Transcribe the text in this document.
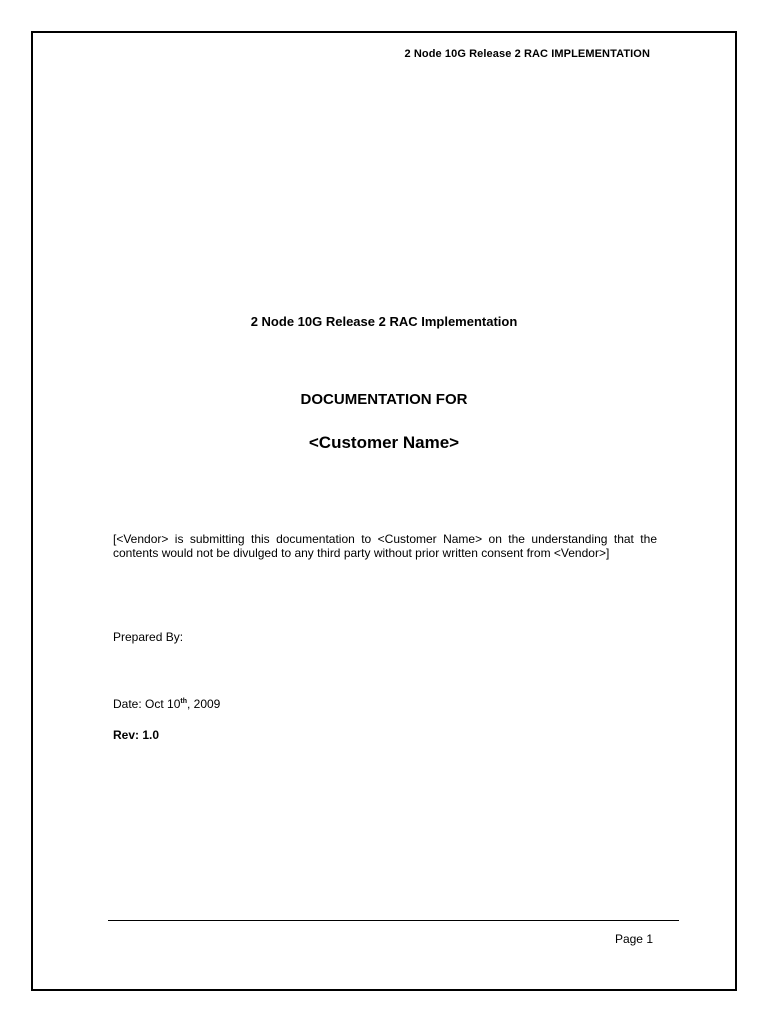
2 Node 10G Release 2 RAC IMPLEMENTATION
2 Node 10G Release 2 RAC Implementation
DOCUMENTATION FOR
<Customer Name>
[<Vendor> is submitting this documentation to <Customer Name> on the understanding that the contents would not be divulged to any third party without prior written consent from <Vendor>]
Prepared By:
Date: Oct 10th, 2009
Rev: 1.0
Page 1
